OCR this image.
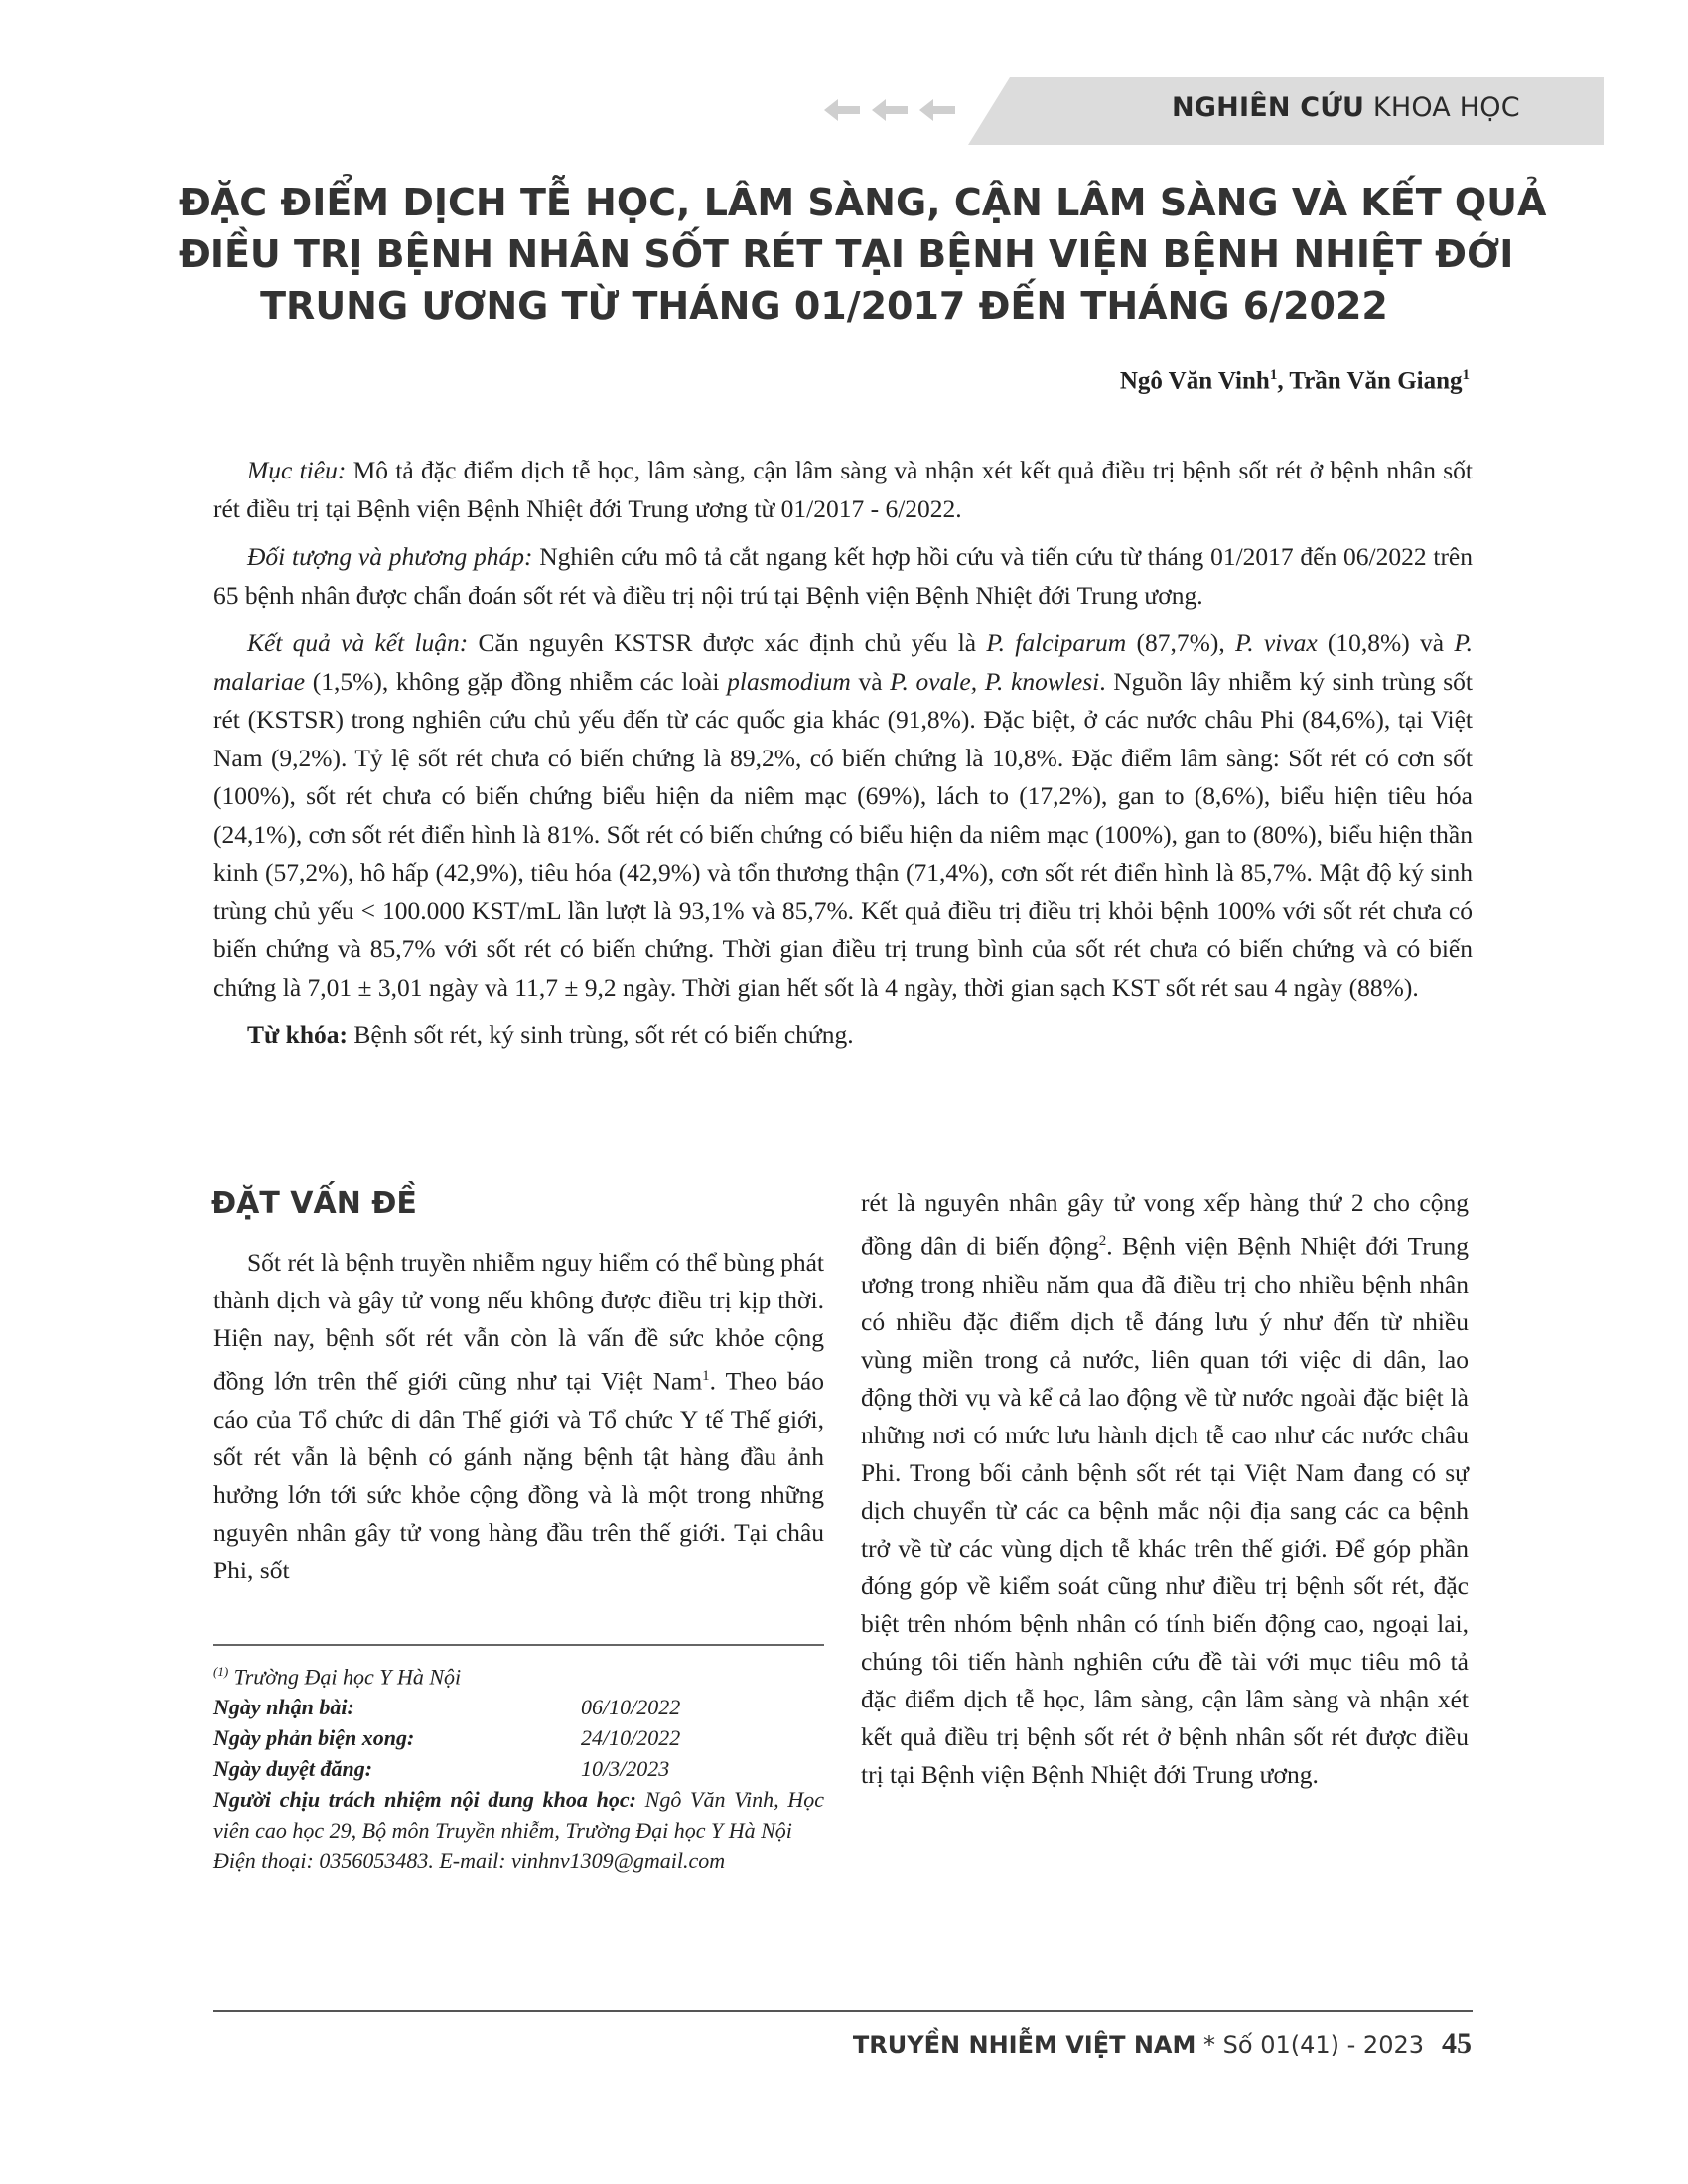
NGHIÊN CỨU KHOA HỌC
ĐẶC ĐIỂM DỊCH TỄ HỌC, LÂM SÀNG, CẬN LÂM SÀNG VÀ KẾT QUẢ
ĐIỀU TRỊ BỆNH NHÂN SỐT RÉT TẠI BỆNH VIỆN BỆNH NHIỆT ĐỚI
TRUNG ƯƠNG TỪ THÁNG 01/2017 ĐẾN THÁNG 6/2022
Ngô Văn Vinh$^1$, Trần Văn Giang$^1$

Mục tiêu: Mô tả đặc điểm dịch tễ học, lâm sàng, cận lâm sàng và nhận xét kết quả điều trị bệnh sốt rét ở bệnh nhân sốt rét điều trị tại Bệnh viện Bệnh Nhiệt đới Trung ương từ 01/2017 - 6/2022.

Đối tượng và phương pháp: Nghiên cứu mô tả cắt ngang kết hợp hồi cứu và tiến cứu từ tháng 01/2017 đến 06/2022 trên 65 bệnh nhân được chẩn đoán sốt rét và điều trị nội trú tại Bệnh viện Bệnh Nhiệt đới Trung ương.

Kết quả và kết luận: Căn nguyên KSTSR được xác định chủ yếu là P. falciparum (87,7%), P. vivax (10,8%) và P. malariae (1,5%), không gặp đồng nhiễm các loài plasmodium và P. ovale, P. knowlesi. Nguồn lây nhiễm ký sinh trùng sốt rét (KSTSR) trong nghiên cứu chủ yếu đến từ các quốc gia khác (91,8%). Đặc biệt, ở các nước châu Phi (84,6%), tại Việt Nam (9,2%). Tỷ lệ sốt rét chưa có biến chứng là 89,2%, có biến chứng là 10,8%. Đặc điểm lâm sàng: Sốt rét có cơn sốt (100%), sốt rét chưa có biến chứng biểu hiện da niêm mạc (69%), lách to (17,2%), gan to (8,6%), biểu hiện tiêu hóa (24,1%), cơn sốt rét điển hình là 81%. Sốt rét có biến chứng có biểu hiện da niêm mạc (100%), gan to (80%), biểu hiện thần kinh (57,2%), hô hấp (42,9%), tiêu hóa (42,9%) và tổn thương thận (71,4%), cơn sốt rét điển hình là 85,7%. Mật độ ký sinh trùng chủ yếu < 100.000 KST/mL lần lượt là 93,1% và 85,7%. Kết quả điều trị điều trị khỏi bệnh 100% với sốt rét chưa có biến chứng và 85,7% với sốt rét có biến chứng. Thời gian điều trị trung bình của sốt rét chưa có biến chứng và có biến chứng là 7,01 ± 3,01 ngày và 11,7 ± 9,2 ngày. Thời gian hết sốt là 4 ngày, thời gian sạch KST sốt rét sau 4 ngày (88%).

Từ khóa: Bệnh sốt rét, ký sinh trùng, sốt rét có biến chứng.

ĐẶT VẤN ĐỀ
Sốt rét là bệnh truyền nhiễm nguy hiểm có thể bùng phát thành dịch và gây tử vong nếu không được điều trị kịp thời. Hiện nay, bệnh sốt rét vẫn còn là vấn đề sức khỏe cộng đồng lớn trên thế giới cũng như tại Việt Nam$^1$. Theo báo cáo của Tổ chức di dân Thế giới và Tổ chức Y tế Thế giới, sốt rét vẫn là bệnh có gánh nặng bệnh tật hàng đầu ảnh hưởng lớn tới sức khỏe cộng đồng và là một trong những nguyên nhân gây tử vong hàng đầu trên thế giới. Tại châu Phi, sốt
rét là nguyên nhân gây tử vong xếp hàng thứ 2 cho cộng đồng dân di biến động$^2$. Bệnh viện Bệnh Nhiệt đới Trung ương trong nhiều năm qua đã điều trị cho nhiều bệnh nhân có nhiều đặc điểm dịch tễ đáng lưu ý như đến từ nhiều vùng miền trong cả nước, liên quan tới việc di dân, lao động thời vụ và kể cả lao động về từ nước ngoài đặc biệt là những nơi có mức lưu hành dịch tễ cao như các nước châu Phi. Trong bối cảnh bệnh sốt rét tại Việt Nam đang có sự dịch chuyển từ các ca bệnh mắc nội địa sang các ca bệnh trở về từ các vùng dịch tễ khác trên thế giới. Để góp phần đóng góp về kiểm soát cũng như điều trị bệnh sốt rét, đặc biệt trên nhóm bệnh nhân có tính biến động cao, ngoại lai, chúng tôi tiến hành nghiên cứu đề tài với mục tiêu mô tả đặc điểm dịch tễ học, lâm sàng, cận lâm sàng và nhận xét kết quả điều trị bệnh sốt rét ở bệnh nhân sốt rét được điều trị tại Bệnh viện Bệnh Nhiệt đới Trung ương.
$^{(1)}$ Trường Đại học Y Hà Nội
Ngày nhận bài:	06/10/2022
Ngày phản biện xong:	24/10/2022
Ngày duyệt đăng:	10/3/2023
Người chịu trách nhiệm nội dung khoa học: Ngô Văn Vinh, Học viên cao học 29, Bộ môn Truyền nhiễm, Trường Đại học Y Hà Nội
Điện thoại: 0356053483. E-mail: vinhnv1309@gmail.com
TRUYỀN NHIỄM VIỆT NAM * Số 01(41) - 2023 45
